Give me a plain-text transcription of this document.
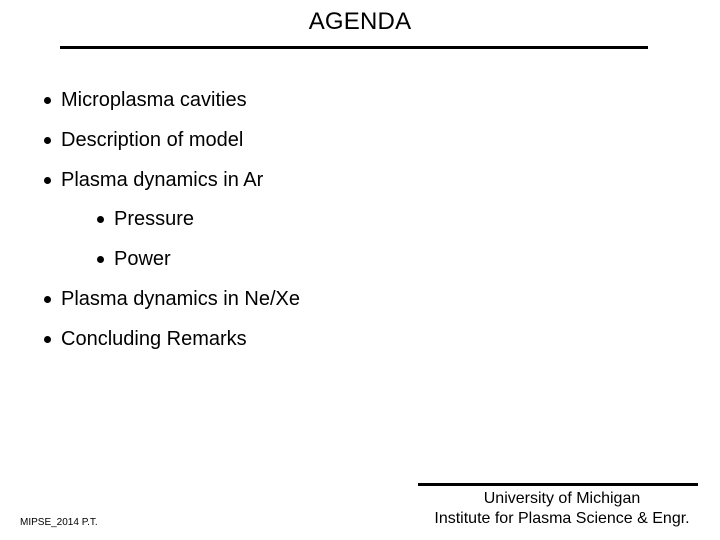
AGENDA
Microplasma cavities
Description of model
Plasma dynamics in Ar
Pressure
Power
Plasma dynamics in Ne/Xe
Concluding Remarks
MIPSE_2014 P.T.
University of Michigan
Institute for Plasma Science & Engr.
